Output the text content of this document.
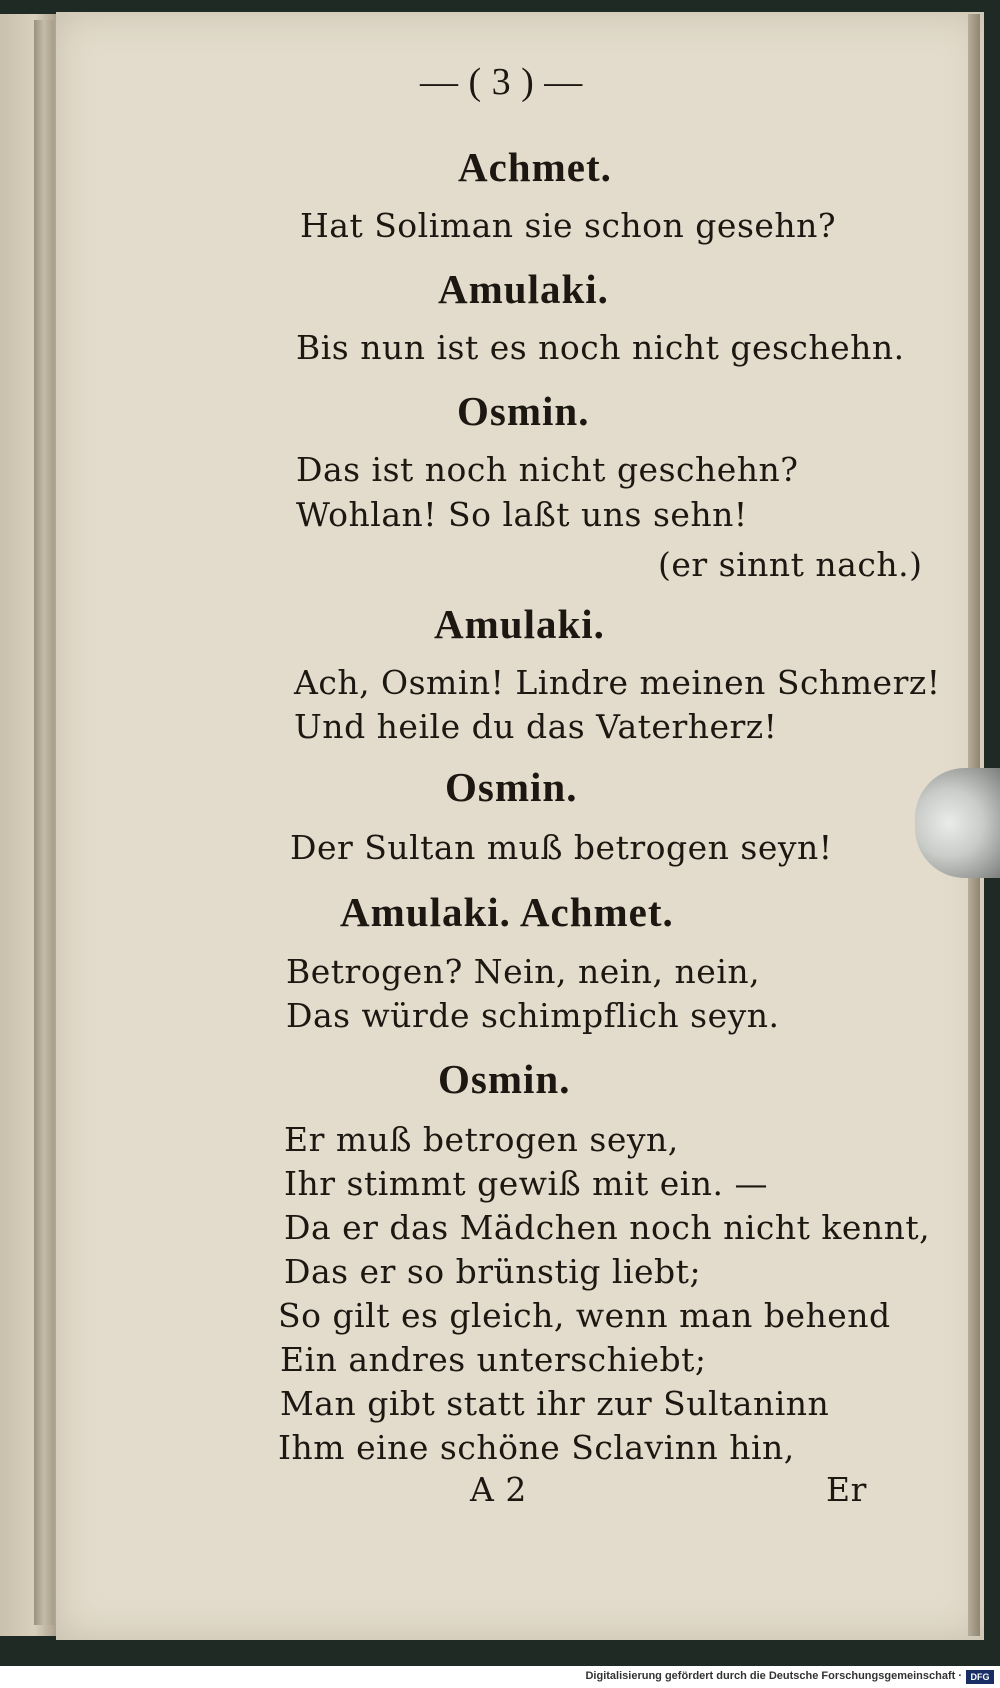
— ( 3 ) —
Achmet.
Hat Soliman sie schon gesehn?
Amulaki.
Bis nun ist es noch nicht geschehn.
Osmin.
Das ist noch nicht geschehn?
Wohlan! So laßt uns sehn!
(er sinnt nach.)
Amulaki.
Ach, Osmin! Lindre meinen Schmerz!
Und heile du das Vaterherz!
Osmin.
Der Sultan muß betrogen seyn!
Amulaki. Achmet.
Betrogen? Nein, nein, nein,
Das würde schimpflich seyn.
Osmin.
Er muß betrogen seyn,
Ihr stimmt gewiß mit ein. —
Da er das Mädchen noch nicht kennt,
Das er so brünstig liebt;
So gilt es gleich, wenn man behend
Ein andres unterschiebt;
Man gibt statt ihr zur Sultaninn
Ihm eine schöne Sclavinn hin,
A 2	Er
Digitalisierung gefördert durch die Deutsche Forschungsgemeinschaft · DFG
